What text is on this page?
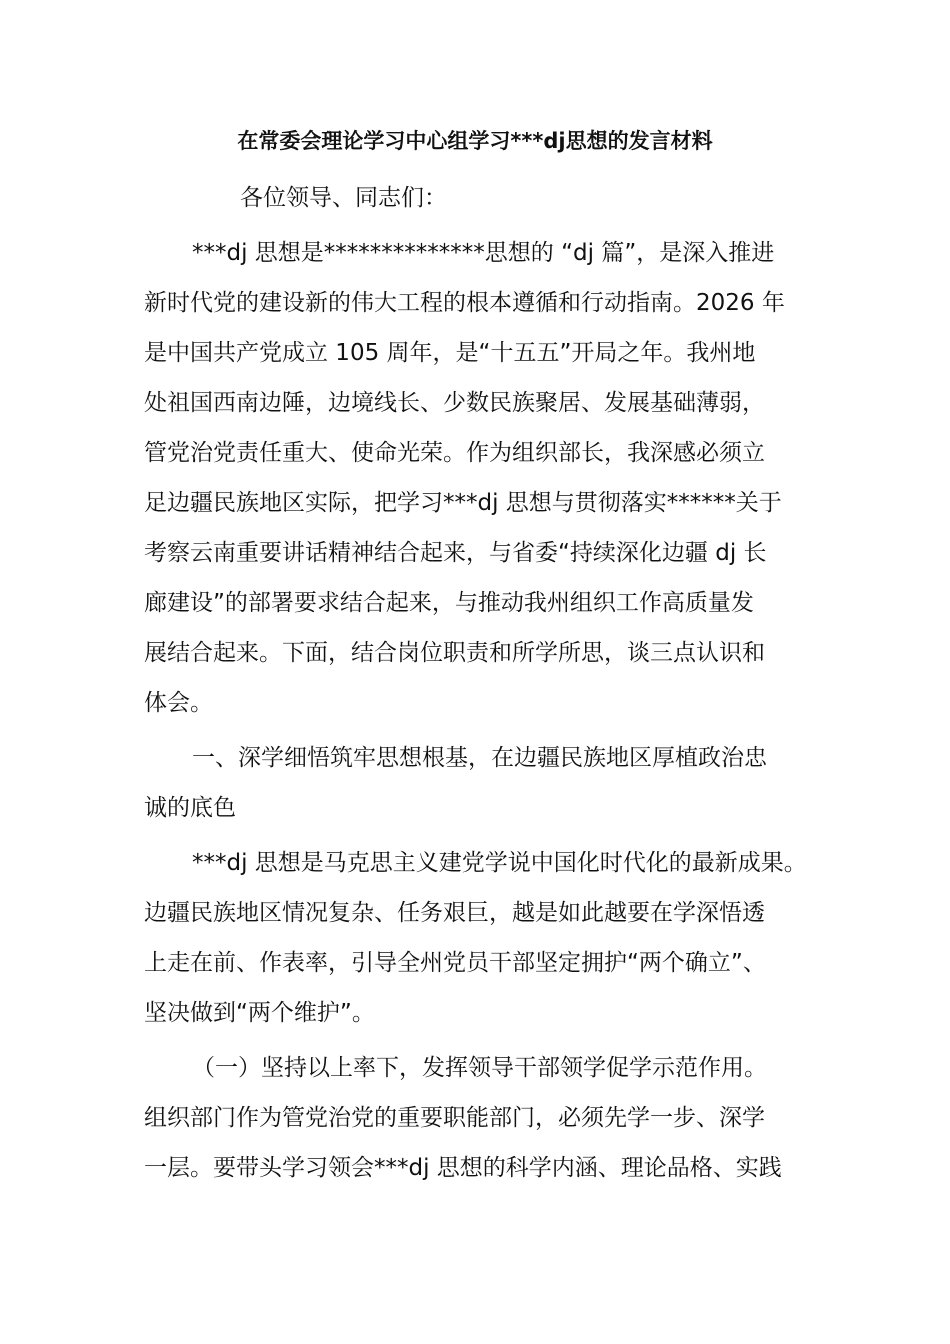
在常委会理论学习中心组学习***dj思想的发言材料

各位领导、同志们：

***dj 思想是**************思想的 “dj 篇”，是深入推进

新时代党的建设新的伟大工程的根本遵循和行动指南。2026 年

是中国共产党成立 105 周年，是“十五五”开局之年。我州地

处祖国西南边陲，边境线长、少数民族聚居、发展基础薄弱，

管党治党责任重大、使命光荣。作为组织部长，我深感必须立

足边疆民族地区实际，把学习***dj 思想与贯彻落实******关于

考察云南重要讲话精神结合起来，与省委“持续深化边疆 dj 长

廊建设”的部署要求结合起来，与推动我州组织工作高质量发

展结合起来。下面，结合岗位职责和所学所思，谈三点认识和

体会。

一、深学细悟筑牢思想根基，在边疆民族地区厚植政治忠

诚的底色

***dj 思想是马克思主义建党学说中国化时代化的最新成果。

边疆民族地区情况复杂、任务艰巨，越是如此越要在学深悟透

上走在前、作表率，引导全州党员干部坚定拥护“两个确立”、

坚决做到“两个维护”。

（一）坚持以上率下，发挥领导干部领学促学示范作用。

组织部门作为管党治党的重要职能部门，必须先学一步、深学

一层。要带头学习领会***dj 思想的科学内涵、理论品格、实践
